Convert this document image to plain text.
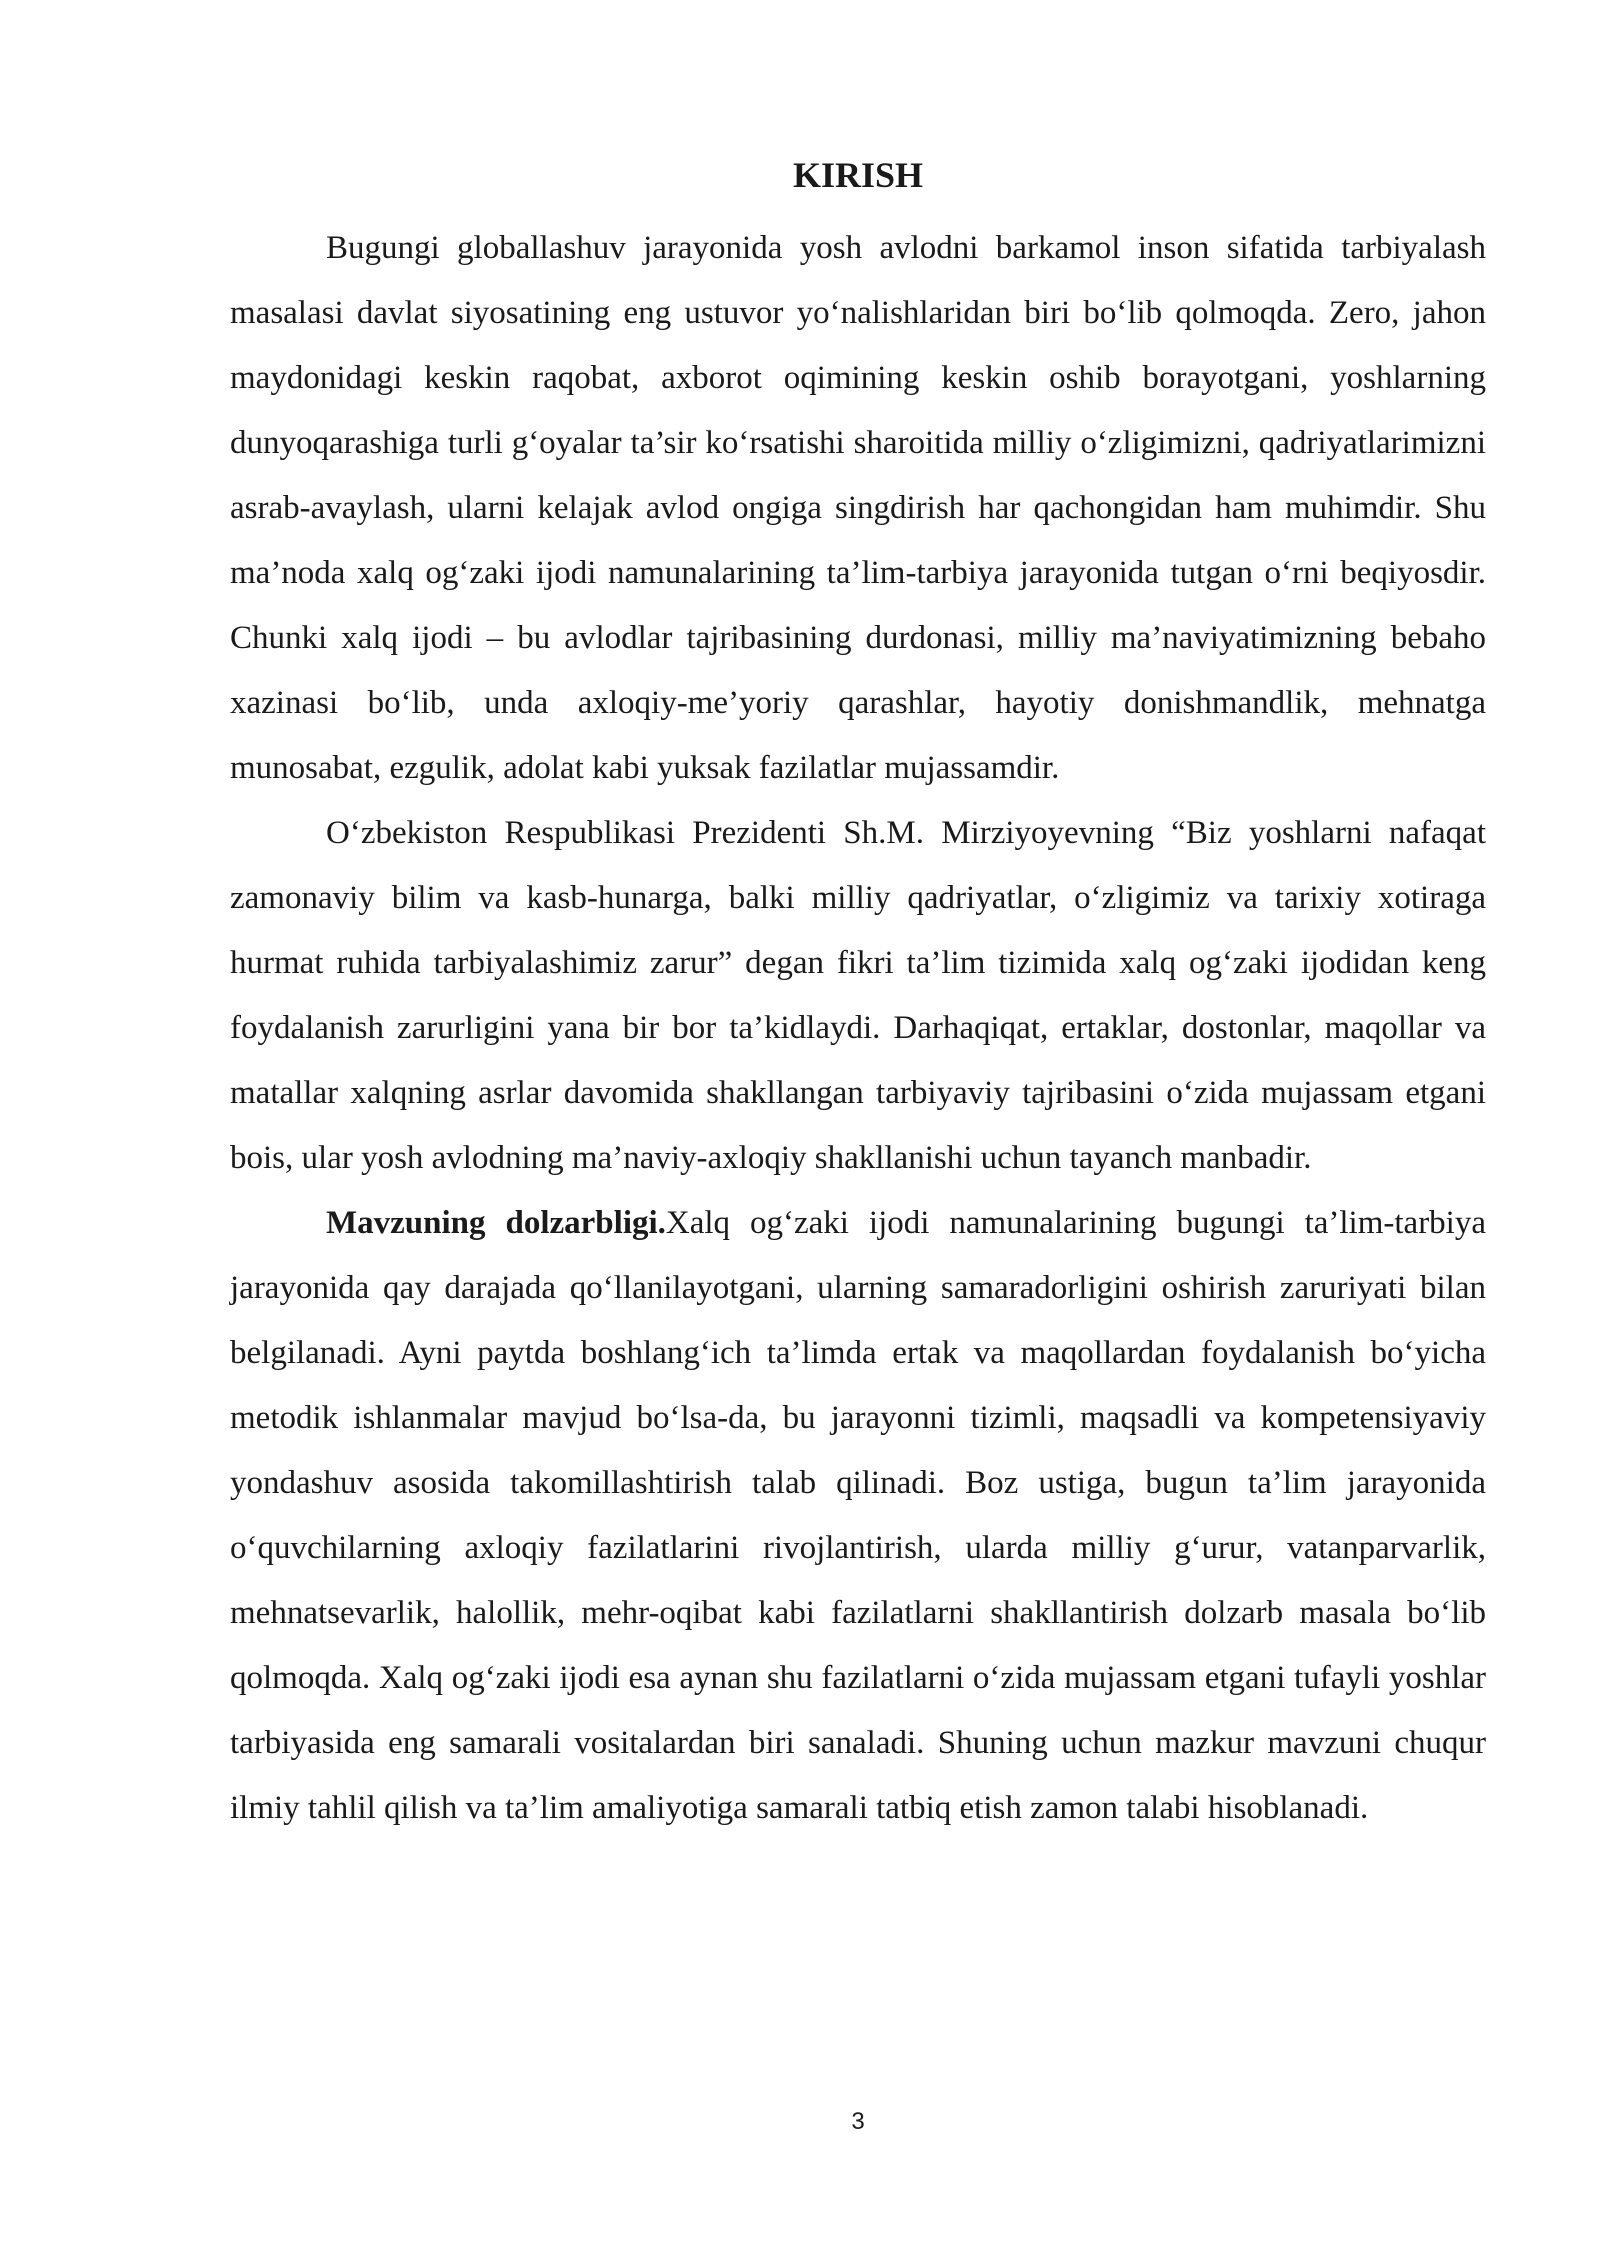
KIRISH

Bugungi globallashuv jarayonida yosh avlodni barkamol inson sifatida tarbiyalash masalasi davlat siyosatining eng ustuvor yo‘nalishlaridan biri bo‘lib qolmoqda. Zero, jahon maydonidagi keskin raqobat, axborot oqimining keskin oshib borayotgani, yoshlarning dunyoqarashiga turli g‘oyalar ta’sir ko‘rsatishi sharoitida milliy o‘zligimizni, qadriyatlarimizni asrab-avaylash, ularni kelajak avlod ongiga singdirish har qachongidan ham muhimdir. Shu ma’noda xalq og‘zaki ijodi namunalarining ta’lim-tarbiya jarayonida tutgan o‘rni beqiyosdir. Chunki xalq ijodi – bu avlodlar tajribasining durdonasi, milliy ma’naviyatimizning bebaho xazinasi bo‘lib, unda axloqiy-me’yoriy qarashlar, hayotiy donishmandlik, mehnatga munosabat, ezgulik, adolat kabi yuksak fazilatlar mujassamdir.

O‘zbekiston Respublikasi Prezidenti Sh.M. Mirziyoyevning “Biz yoshlarni nafaqat zamonaviy bilim va kasb-hunarga, balki milliy qadriyatlar, o‘zligimiz va tarixiy xotiraga hurmat ruhida tarbiyalashimiz zarur” degan fikri ta’lim tizimida xalq og‘zaki ijodidan keng foydalanish zarurligini yana bir bor ta’kidlaydi. Darhaqiqat, ertaklar, dostonlar, maqollar va matallar xalqning asrlar davomida shakllangan tarbiyaviy tajribasini o‘zida mujassam etgani bois, ular yosh avlodning ma’naviy-axloqiy shakllanishi uchun tayanch manbadir.

Mavzuning dolzarbligi.Xalq og‘zaki ijodi namunalarining bugungi ta’lim-tarbiya jarayonida qay darajada qo‘llanilayotgani, ularning samaradorligini oshirish zaruriyati bilan belgilanadi. Ayni paytda boshlang‘ich ta’limda ertak va maqollardan foydalanish bo‘yicha metodik ishlanmalar mavjud bo‘lsa-da, bu jarayonni tizimli, maqsadli va kompetensiyaviy yondashuv asosida takomillashtirish talab qilinadi. Boz ustiga, bugun ta’lim jarayonida o‘quvchilarning axloqiy fazilatlarini rivojlantirish, ularda milliy g‘urur, vatanparvarlik, mehnatsevarlik, halollik, mehr-oqibat kabi fazilatlarni shakllantirish dolzarb masala bo‘lib qolmoqda. Xalq og‘zaki ijodi esa aynan shu fazilatlarni o‘zida mujassam etgani tufayli yoshlar tarbiyasida eng samarali vositalardan biri sanaladi. Shuning uchun mazkur mavzuni chuqur ilmiy tahlil qilish va ta’lim amaliyotiga samarali tatbiq etish zamon talabi hisoblanadi.

3
